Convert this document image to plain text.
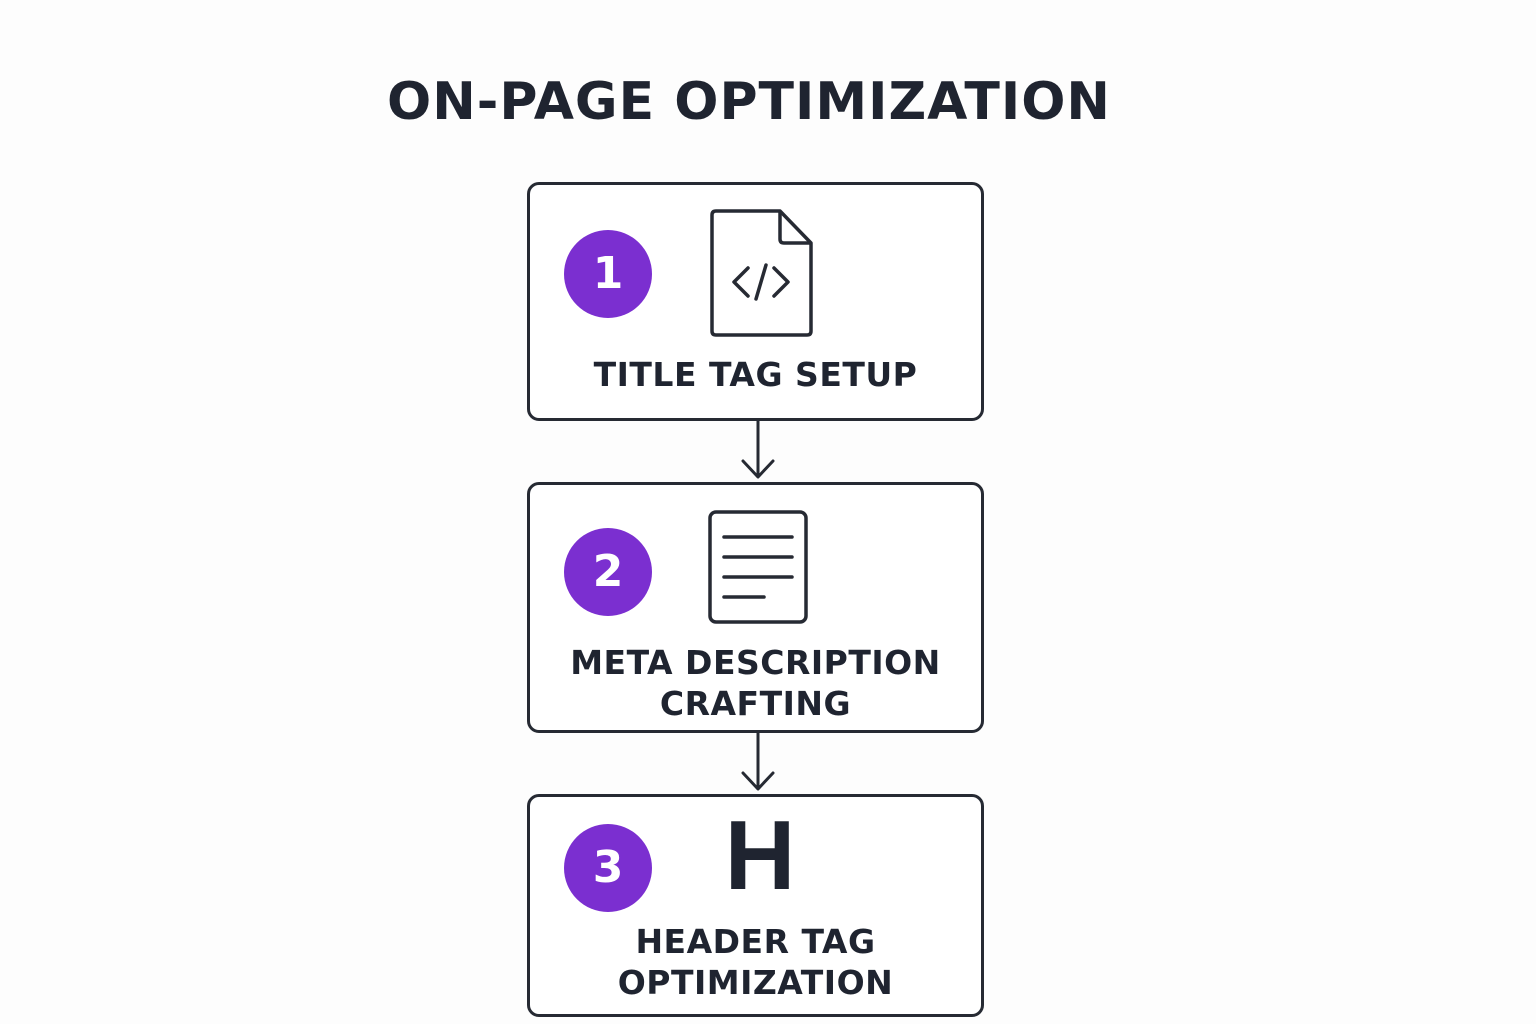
ON-PAGE OPTIMIZATION
1
TITLE TAG SETUP
2
META DESCRIPTION
CRAFTING
3	H
HEADER TAG
OPTIMIZATION
